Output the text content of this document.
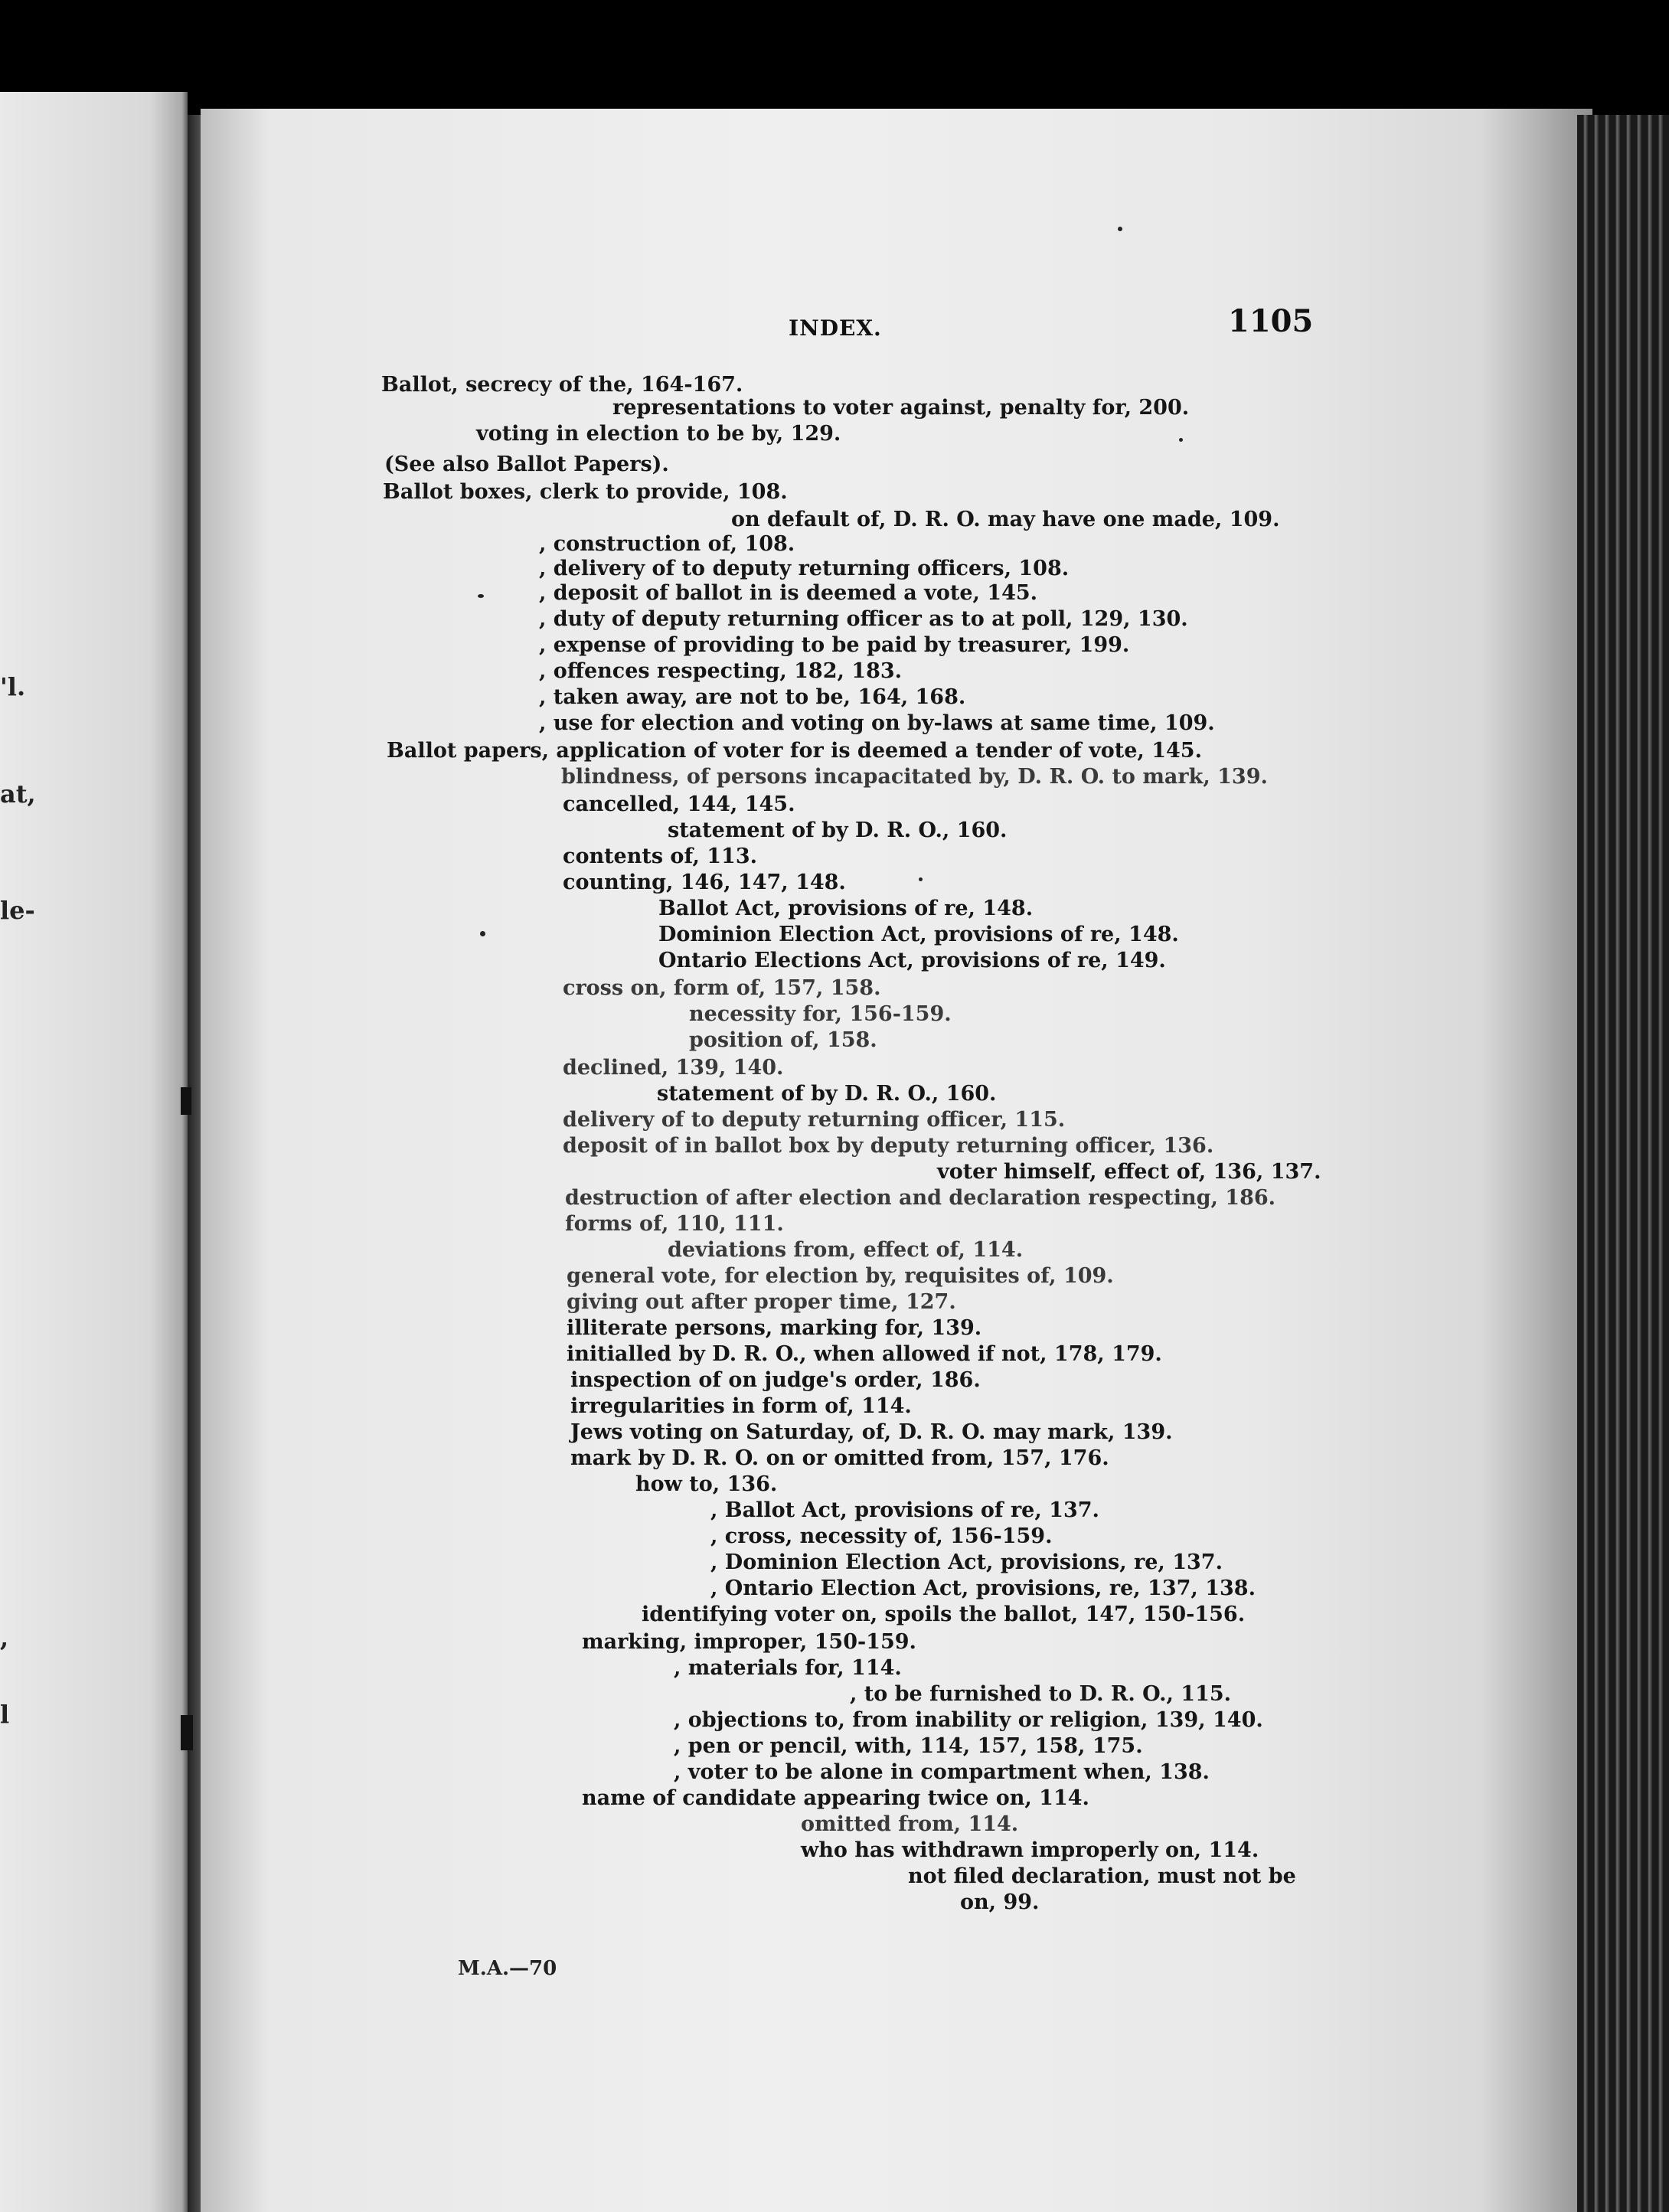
'l.
at,
le-
,
l
INDEX.	1105
Ballot, secrecy of the, 164-167.
representations to voter against, penalty for, 200.
voting in election to be by, 129.
(See also Ballot Papers).
Ballot boxes, clerk to provide, 108.
on default of, D. R. O. may have one made, 109.
, construction of, 108.
, delivery of to deputy returning officers, 108.
, deposit of ballot in is deemed a vote, 145.
, duty of deputy returning officer as to at poll, 129, 130.
, expense of providing to be paid by treasurer, 199.
, offences respecting, 182, 183.
, taken away, are not to be, 164, 168.
, use for election and voting on by-laws at same time, 109.
Ballot papers, application of voter for is deemed a tender of vote, 145.
blindness, of persons incapacitated by, D. R. O. to mark, 139.
cancelled, 144, 145.
statement of by D. R. O., 160.
contents of, 113.
counting, 146, 147, 148.
Ballot Act, provisions of re, 148.
Dominion Election Act, provisions of re, 148.
Ontario Elections Act, provisions of re, 149.
cross on, form of, 157, 158.
necessity for, 156-159.
position of, 158.
declined, 139, 140.
statement of by D. R. O., 160.
delivery of to deputy returning officer, 115.
deposit of in ballot box by deputy returning officer, 136.
voter himself, effect of, 136, 137.
destruction of after election and declaration respecting, 186.
forms of, 110, 111.
deviations from, effect of, 114.
general vote, for election by, requisites of, 109.
giving out after proper time, 127.
illiterate persons, marking for, 139.
initialled by D. R. O., when allowed if not, 178, 179.
inspection of on judge's order, 186.
irregularities in form of, 114.
Jews voting on Saturday, of, D. R. O. may mark, 139.
mark by D. R. O. on or omitted from, 157, 176.
how to, 136.
, Ballot Act, provisions of re, 137.
, cross, necessity of, 156-159.
, Dominion Election Act, provisions, re, 137.
, Ontario Election Act, provisions, re, 137, 138.
identifying voter on, spoils the ballot, 147, 150-156.
marking, improper, 150-159.
, materials for, 114.
, to be furnished to D. R. O., 115.
, objections to, from inability or religion, 139, 140.
, pen or pencil, with, 114, 157, 158, 175.
, voter to be alone in compartment when, 138.
name of candidate appearing twice on, 114.
omitted from, 114.
who has withdrawn improperly on, 114.
not filed declaration, must not be
on, 99.
M.A.—70
